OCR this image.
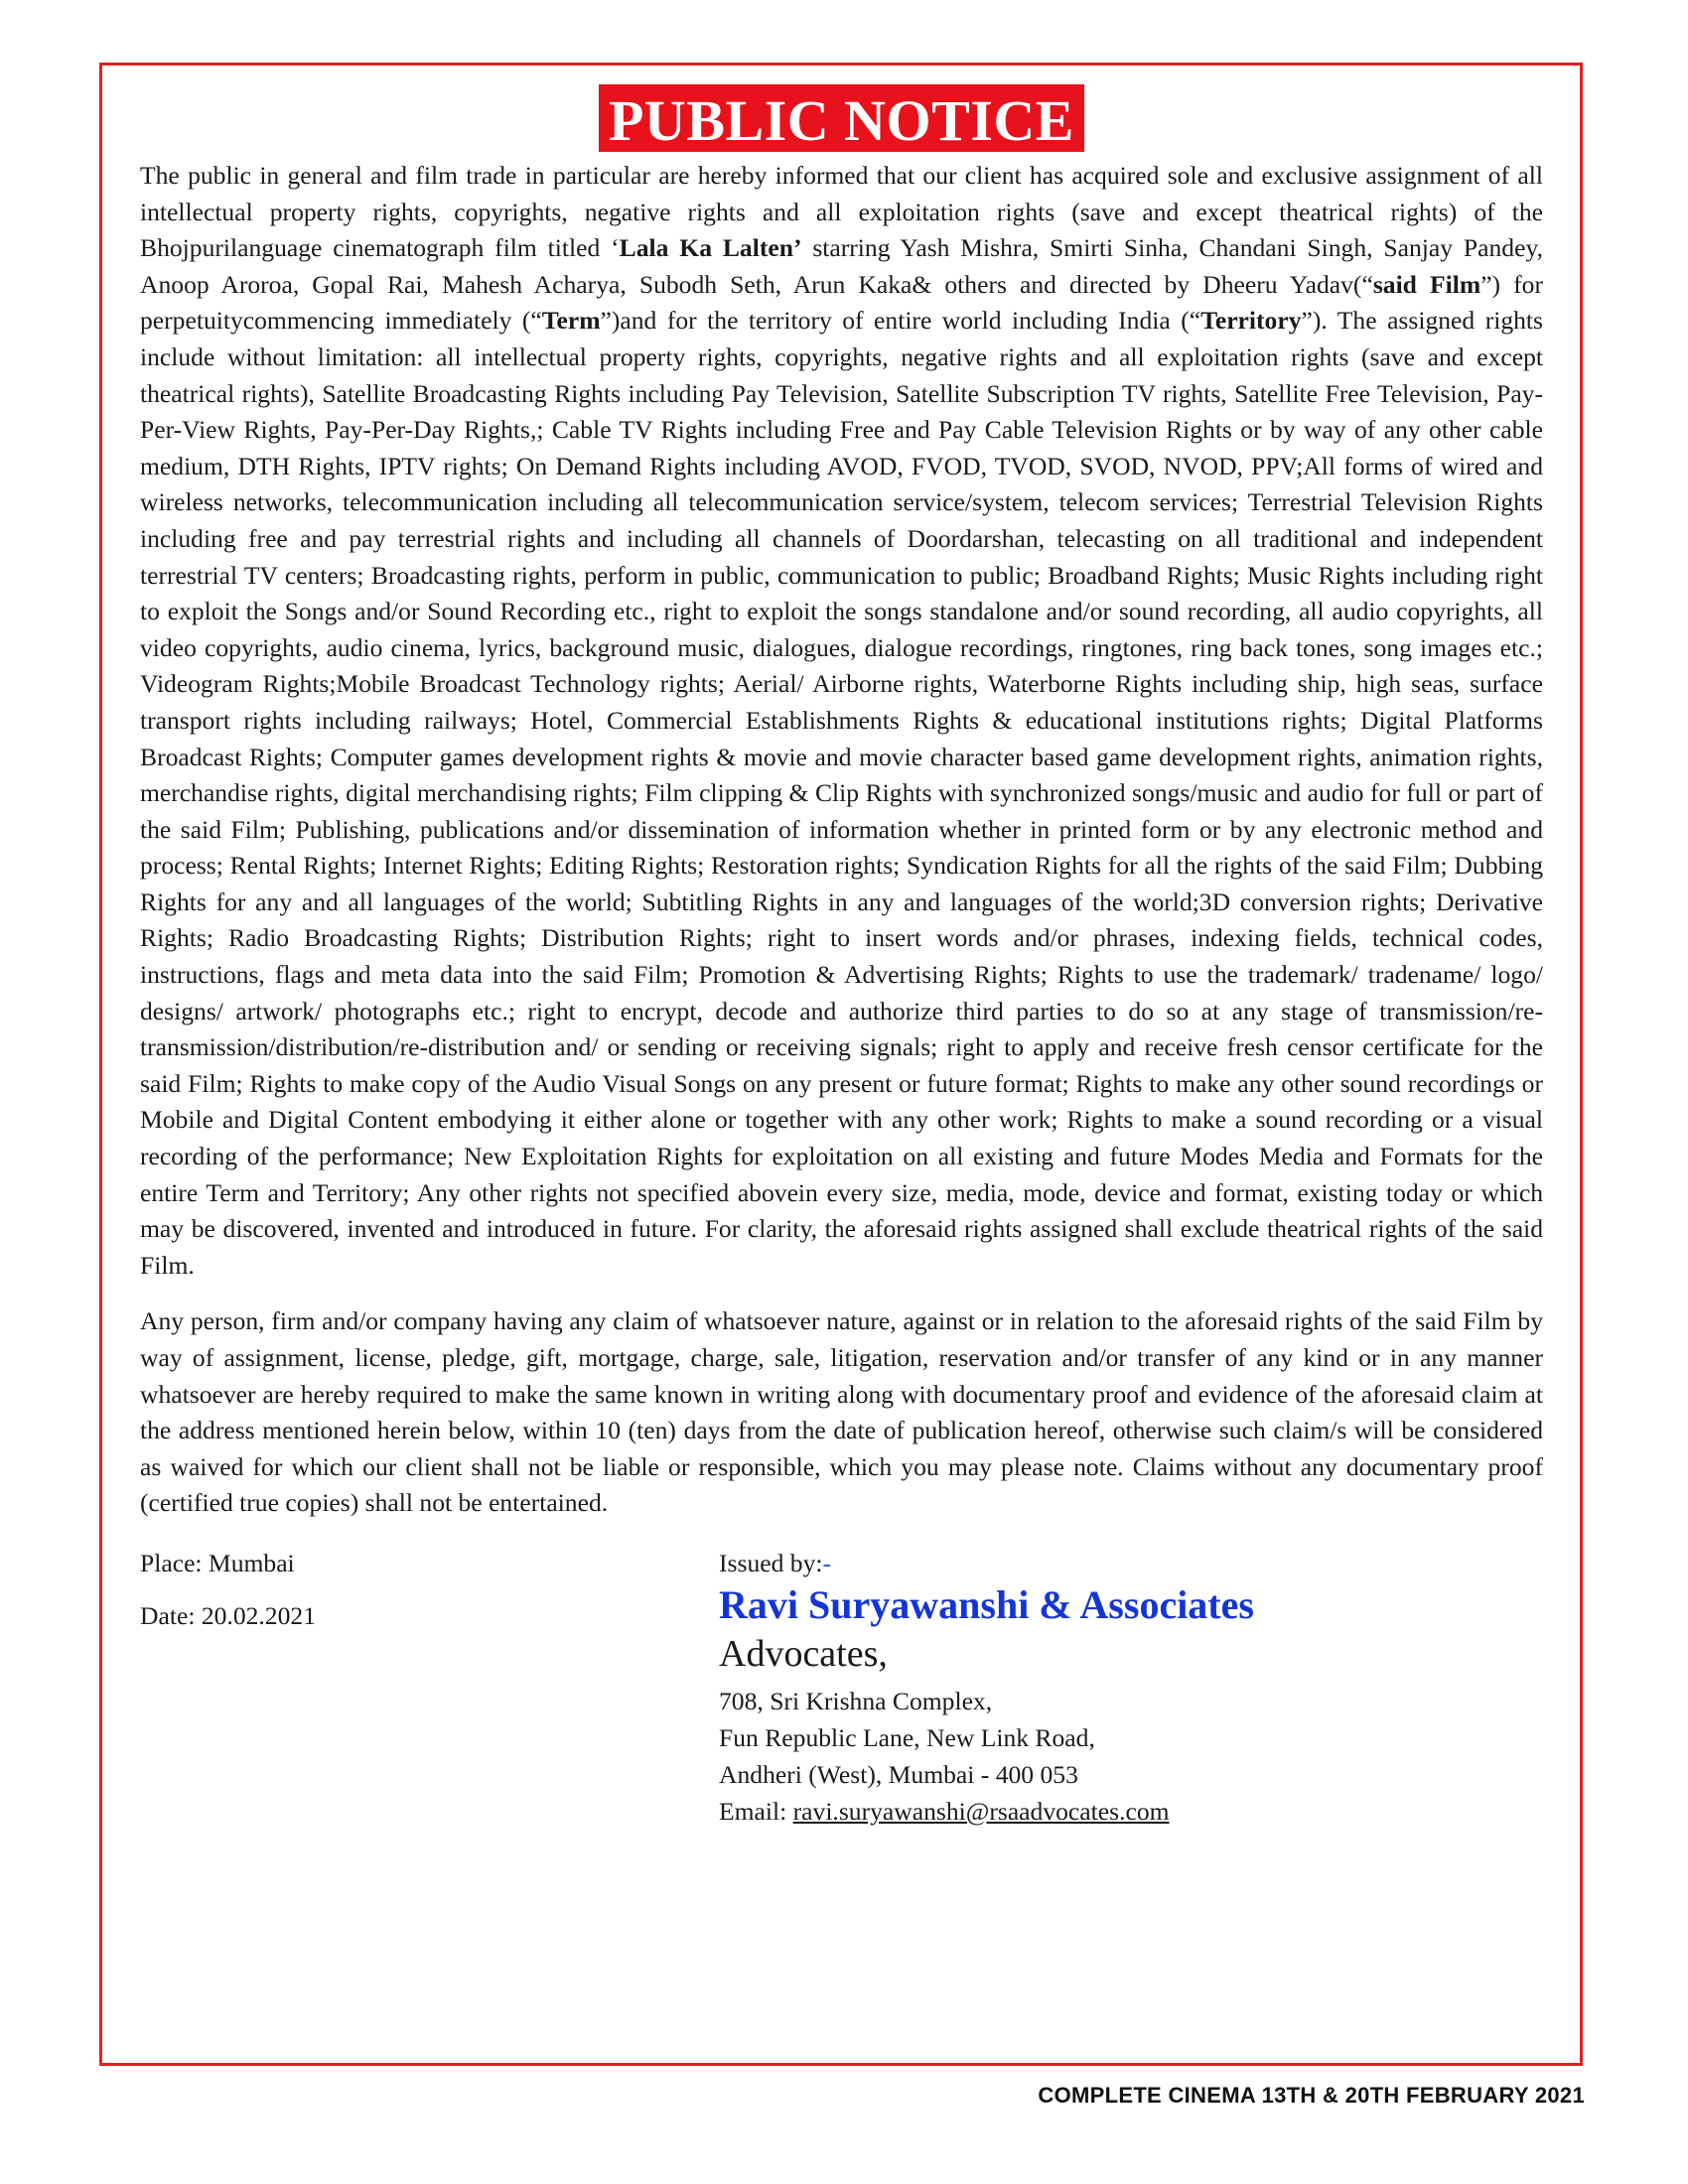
PUBLIC NOTICE

The public in general and film trade in particular are hereby informed that our client has acquired sole and exclusive assignment of all intellectual property rights, copyrights, negative rights and all exploitation rights (save and except theatrical rights) of the Bhojpurilanguage cinematograph film titled ‘Lala Ka Lalten’ starring Yash Mishra, Smirti Sinha, Chandani Singh, Sanjay Pandey, Anoop Aroroa, Gopal Rai, Mahesh Acharya, Subodh Seth, Arun Kaka& others and directed by Dheeru Yadav(“said Film”) for perpetuitycommencing immediately (“Term”)and for the territory of entire world including India (“Territory”). The assigned rights include without limitation: all intellectual property rights, copyrights, negative rights and all exploitation rights (save and except theatrical rights), Satellite Broadcasting Rights including Pay Television, Satellite Subscription TV rights, Satellite Free Television, Pay-Per-View Rights, Pay-Per-Day Rights,; Cable TV Rights including Free and Pay Cable Television Rights or by way of any other cable medium, DTH Rights, IPTV rights; On Demand Rights including AVOD, FVOD, TVOD, SVOD, NVOD, PPV;All forms of wired and wireless networks, telecommunication including all telecommunication service/system, telecom services; Terrestrial Television Rights including free and pay terrestrial rights and including all channels of Doordarshan, telecasting on all traditional and independent terrestrial TV centers; Broadcasting rights, perform in public, communication to public; Broadband Rights; Music Rights including right to exploit the Songs and/or Sound Recording etc., right to exploit the songs standalone and/or sound recording, all audio copyrights, all video copyrights, audio cinema, lyrics, background music, dialogues, dialogue recordings, ringtones, ring back tones, song images etc.; Videogram Rights;Mobile Broadcast Technology rights; Aerial/ Airborne rights, Waterborne Rights including ship, high seas, surface transport rights including railways; Hotel, Commercial Establishments Rights & educational institutions rights; Digital Platforms Broadcast Rights; Computer games development rights & movie and movie character based game development rights, animation rights, merchandise rights, digital merchandising rights; Film clipping & Clip Rights with synchronized songs/music and audio for full or part of the said Film; Publishing, publications and/or dissemination of information whether in printed form or by any electronic method and process; Rental Rights; Internet Rights; Editing Rights; Restoration rights; Syndication Rights for all the rights of the said Film; Dubbing Rights for any and all languages of the world; Subtitling Rights in any and languages of the world;3D conversion rights; Derivative Rights; Radio Broadcasting Rights; Distribution Rights; right to insert words and/or phrases, indexing fields, technical codes, instructions, flags and meta data into the said Film; Promotion & Advertising Rights; Rights to use the trademark/ tradename/ logo/ designs/ artwork/ photographs etc.; right to encrypt, decode and authorize third parties to do so at any stage of transmission/re-transmission/distribution/re-distribution and/ or sending or receiving signals; right to apply and receive fresh censor certificate for the said Film; Rights to make copy of the Audio Visual Songs on any present or future format; Rights to make any other sound recordings or Mobile and Digital Content embodying it either alone or together with any other work; Rights to make a sound recording or a visual recording of the performance; New Exploitation Rights for exploitation on all existing and future Modes Media and Formats for the entire Term and Territory; Any other rights not specified abovein every size, media, mode, device and format, existing today or which may be discovered, invented and introduced in future. For clarity, the aforesaid rights assigned shall exclude theatrical rights of the said Film.

Any person, firm and/or company having any claim of whatsoever nature, against or in relation to the aforesaid rights of the said Film by way of assignment, license, pledge, gift, mortgage, charge, sale, litigation, reservation and/or transfer of any kind or in any manner whatsoever are hereby required to make the same known in writing along with documentary proof and evidence of the aforesaid claim at the address mentioned herein below, within 10 (ten) days from the date of publication hereof, otherwise such claim/s will be considered as waived for which our client shall not be liable or responsible, which you may please note. Claims without any documentary proof (certified true copies) shall not be entertained.

Place: Mumbai
Date: 20.02.2021
Issued by:-
Ravi Suryawanshi & Associates
Advocates,
708, Sri Krishna Complex,
Fun Republic Lane, New Link Road,
Andheri (West), Mumbai - 400 053
Email: ravi.suryawanshi@rsaadvocates.com
COMPLETE CINEMA 13TH & 20TH FEBRUARY 2021
